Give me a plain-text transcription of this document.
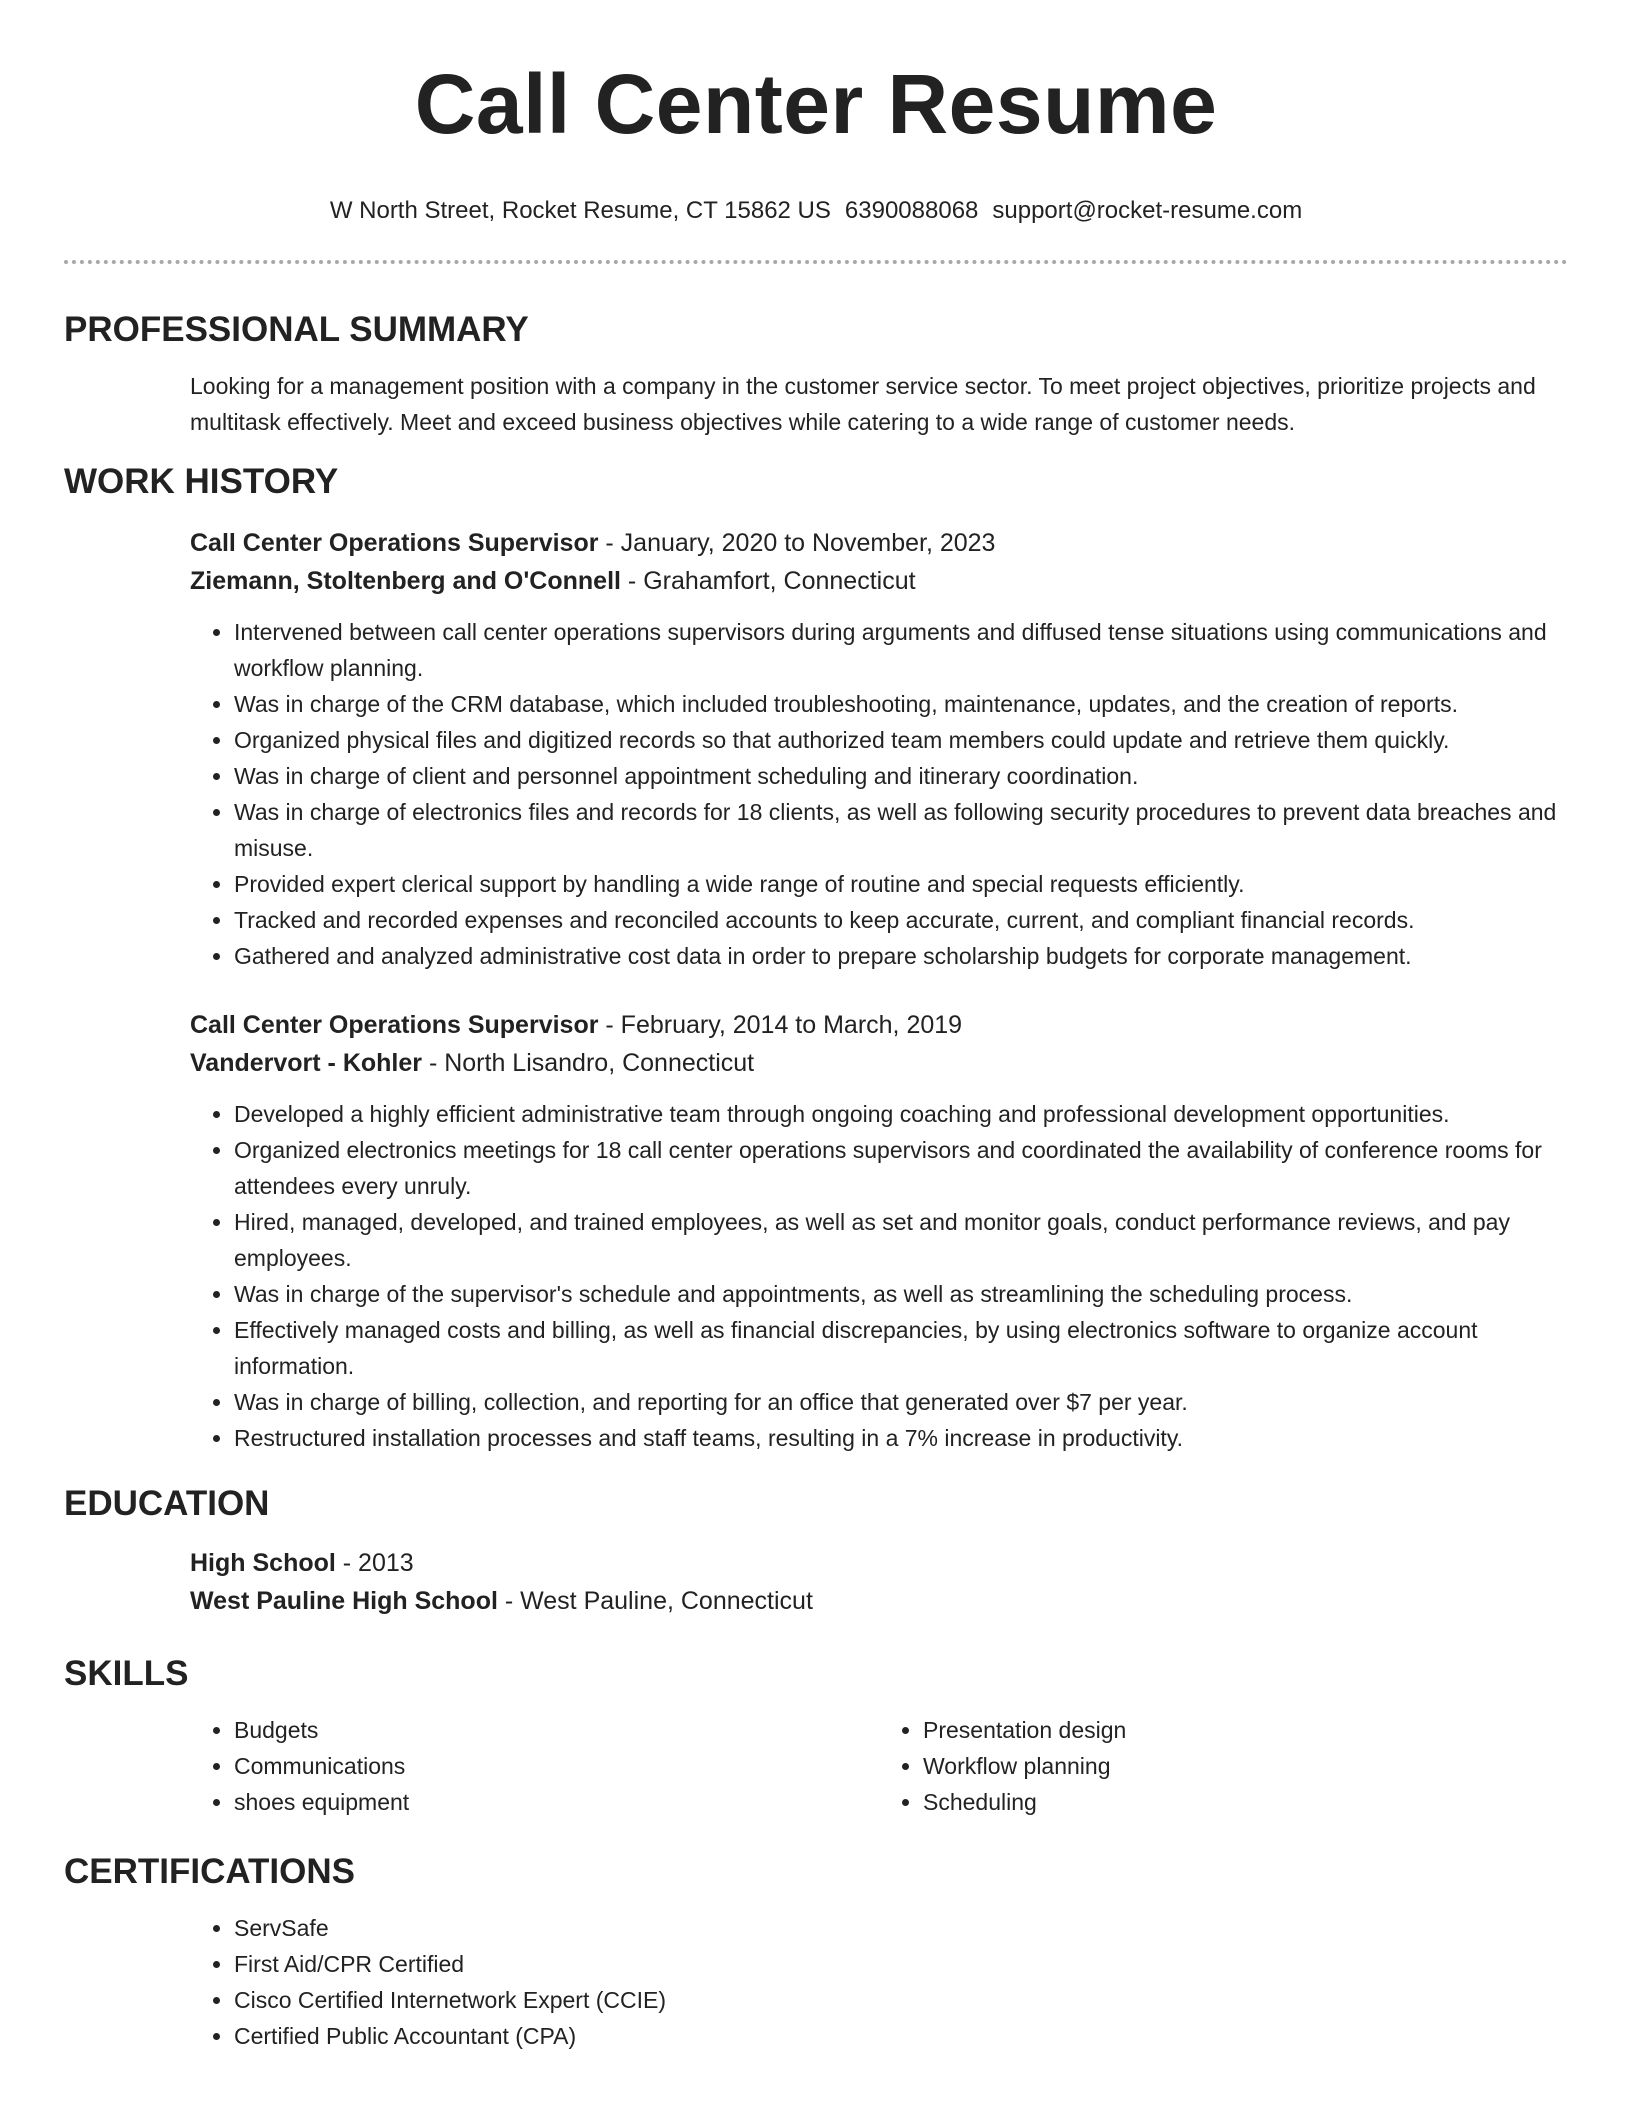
Call Center Resume
W North Street, Rocket Resume, CT 15862 US 6390088068 support@rocket-resume.com
PROFESSIONAL SUMMARY

Looking for a management position with a company in the customer service sector. To meet project objectives, prioritize projects and multitask effectively. Meet and exceed business objectives while catering to a wide range of customer needs.

WORK HISTORY
Call Center Operations Supervisor - January, 2020 to November, 2023
Ziemann, Stoltenberg and O'Connell - Grahamfort, Connecticut
• Intervened between call center operations supervisors during arguments and diffused tense situations using communications and workflow planning.
• Was in charge of the CRM database, which included troubleshooting, maintenance, updates, and the creation of reports.
• Organized physical files and digitized records so that authorized team members could update and retrieve them quickly.
• Was in charge of client and personnel appointment scheduling and itinerary coordination.
• Was in charge of electronics files and records for 18 clients, as well as following security procedures to prevent data breaches and misuse.
• Provided expert clerical support by handling a wide range of routine and special requests efficiently.
• Tracked and recorded expenses and reconciled accounts to keep accurate, current, and compliant financial records.
• Gathered and analyzed administrative cost data in order to prepare scholarship budgets for corporate management.
Call Center Operations Supervisor - February, 2014 to March, 2019
Vandervort - Kohler - North Lisandro, Connecticut
• Developed a highly efficient administrative team through ongoing coaching and professional development opportunities.
• Organized electronics meetings for 18 call center operations supervisors and coordinated the availability of conference rooms for attendees every unruly.
• Hired, managed, developed, and trained employees, as well as set and monitor goals, conduct performance reviews, and pay employees.
• Was in charge of the supervisor's schedule and appointments, as well as streamlining the scheduling process.
• Effectively managed costs and billing, as well as financial discrepancies, by using electronics software to organize account information.
• Was in charge of billing, collection, and reporting for an office that generated over $7 per year.
• Restructured installation processes and staff teams, resulting in a 7% increase in productivity.
EDUCATION
High School - 2013
West Pauline High School - West Pauline, Connecticut
SKILLS
• Budgets
• Communications
• shoes equipment
• Presentation design
• Workflow planning
• Scheduling
CERTIFICATIONS
• ServSafe
• First Aid/CPR Certified
• Cisco Certified Internetwork Expert (CCIE)
• Certified Public Accountant (CPA)
